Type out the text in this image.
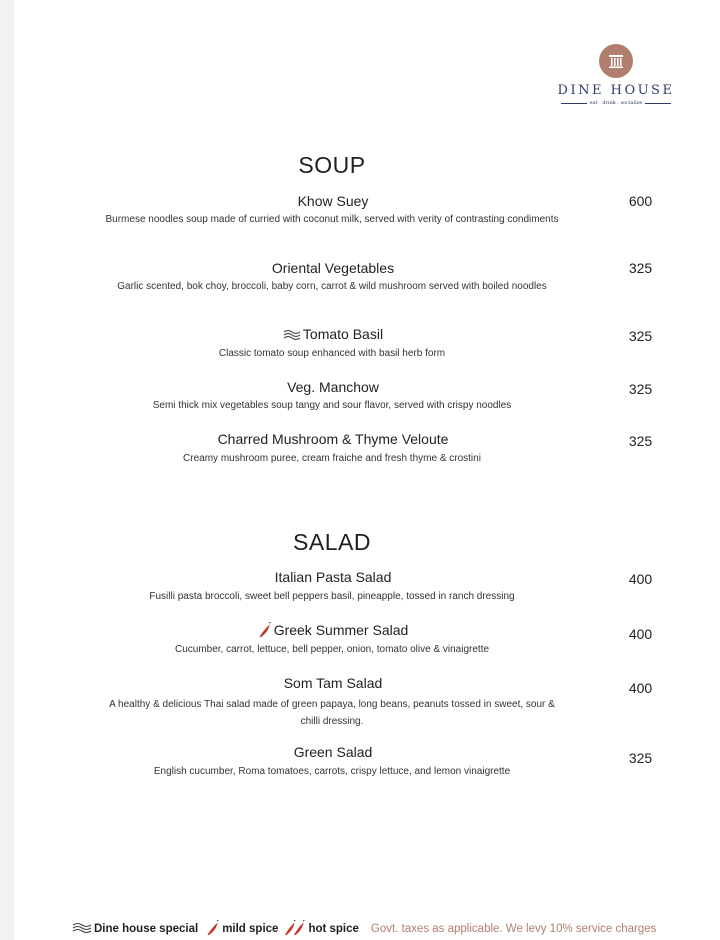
DINE HOUSE
eat . drink . socialize
SOUP
Khow Suey	600
Burmese noodles soup made of curried with coconut milk, served with verity of contrasting condiments
Oriental Vegetables	325
Garlic scented, bok choy, broccoli, baby corn, carrot & wild mushroom served with boiled noodles
Tomato Basil	325
Classic tomato soup enhanced with basil herb form
Veg. Manchow	325
Semi thick mix vegetables soup tangy and sour flavor, served with crispy noodles
Charred Mushroom & Thyme Veloute	325
Creamy mushroom puree, cream fraiche and fresh thyme & crostini
SALAD
Italian Pasta Salad	400
Fusilli pasta broccoli, sweet bell peppers basil, pineapple, tossed in ranch dressing
Greek Summer Salad	400
Cucumber, carrot, lettuce, bell pepper, onion, tomato olive & vinaigrette
Som Tam Salad	400
A healthy & delicious Thai salad made of green papaya, long beans, peanuts tossed in sweet, sour & chilli dressing.
Green Salad	325
English cucumber, Roma tomatoes, carrots, crispy lettuce, and lemon vinaigrette
Dine house special mild spice	hot spice Govt. taxes as applicable. We levy 10% service charges
